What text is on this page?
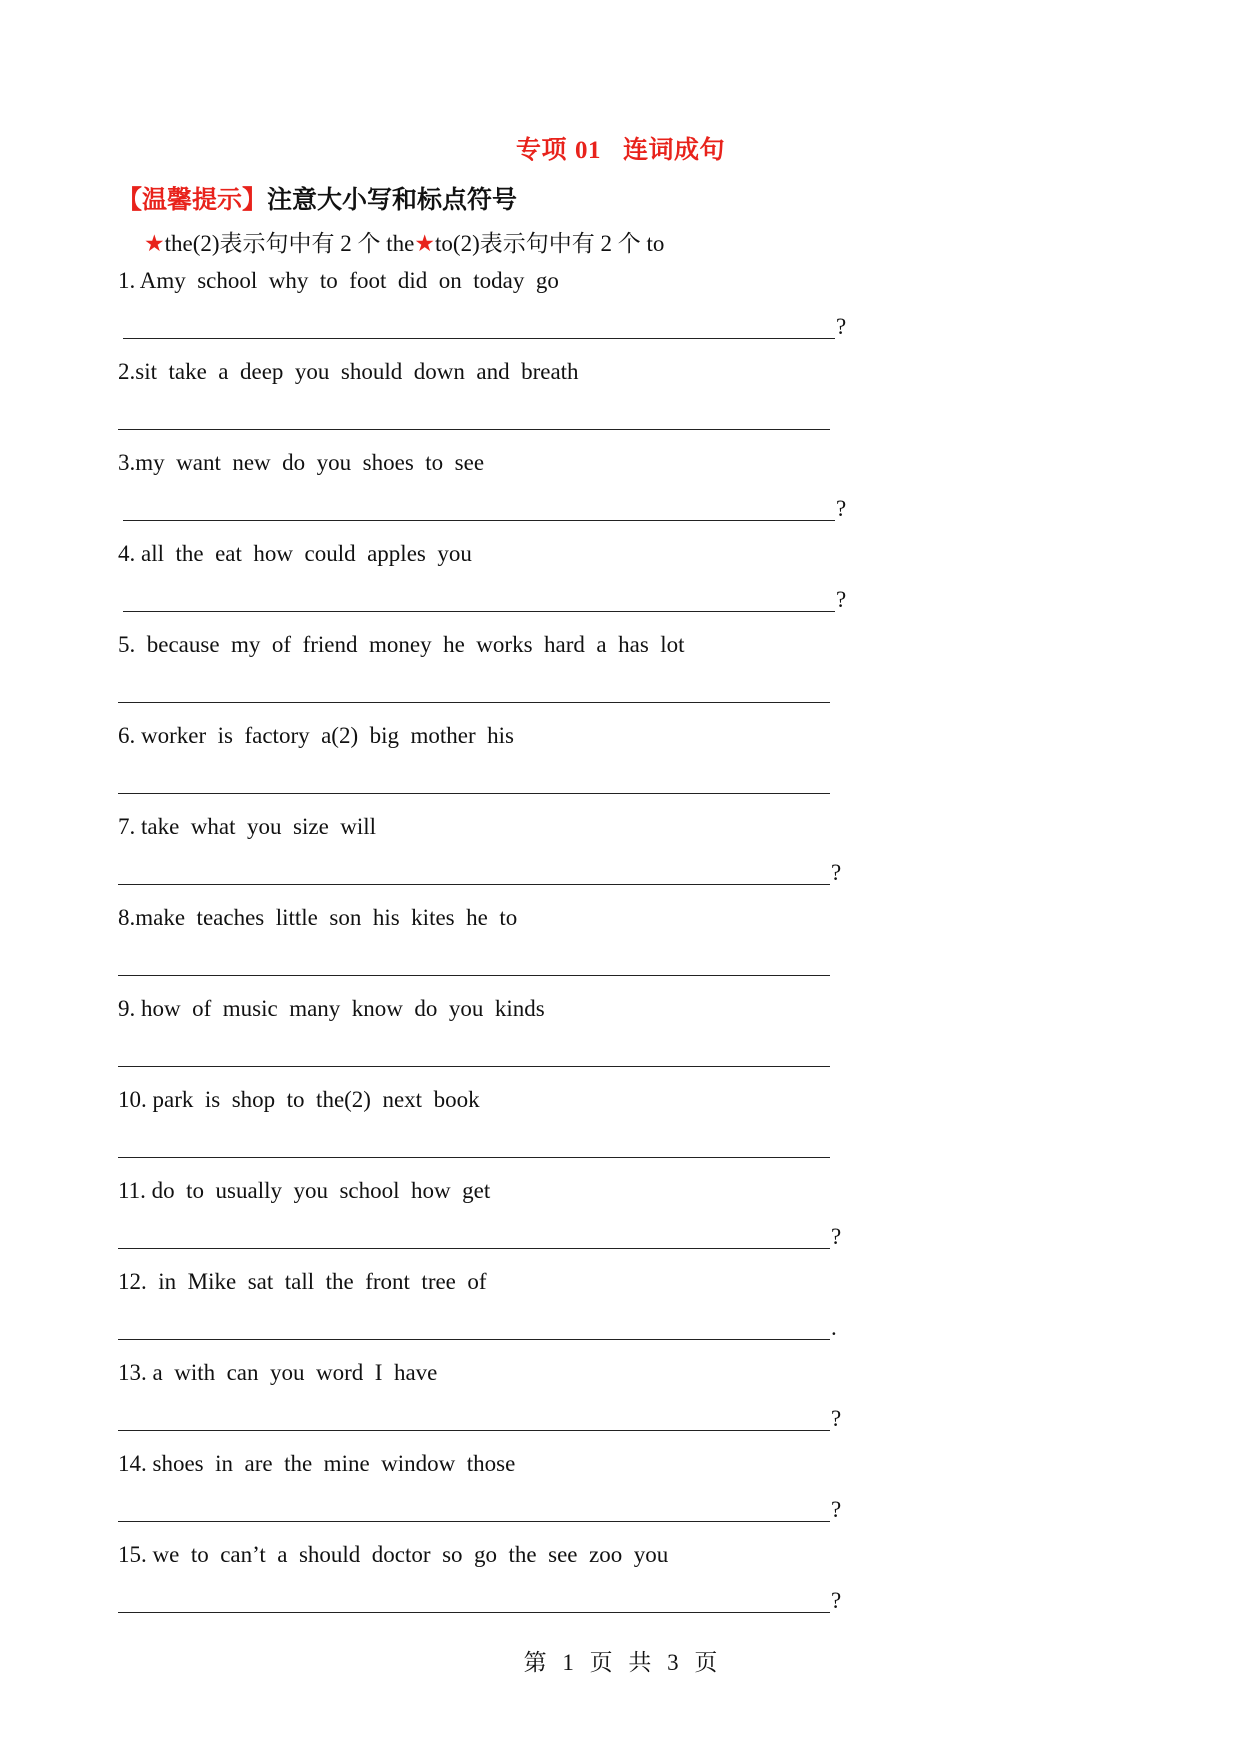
专项 01 连词成句
【温馨提示】注意大小写和标点符号
★the(2)表示句中有 2 个 the★to(2)表示句中有 2 个 to
1. Amy  school  why  to  foot  did  on  today  go
?
2.sit  take  a  deep  you  should  down  and  breath
3.my  want  new  do  you  shoes  to  see
?
4. all  the  eat  how  could  apples  you
?
5.  because  my  of  friend  money  he  works  hard  a  has  lot
6. worker  is  factory  a(2)  big  mother  his
7. take  what  you  size  will
?
8.make  teaches  little  son  his  kites  he  to
9. how  of  music  many  know  do  you  kinds
10. park  is  shop  to  the(2)  next  book
11. do  to  usually  you  school  how  get
?
12.  in  Mike  sat  tall  the  front  tree  of
.
13. a  with  can  you  word  I  have
?
14. shoes  in  are  the  mine  window  those
?
15. we  to  can’t  a  should  doctor  so  go  the  see  zoo  you
?
第 1 页 共 3 页
